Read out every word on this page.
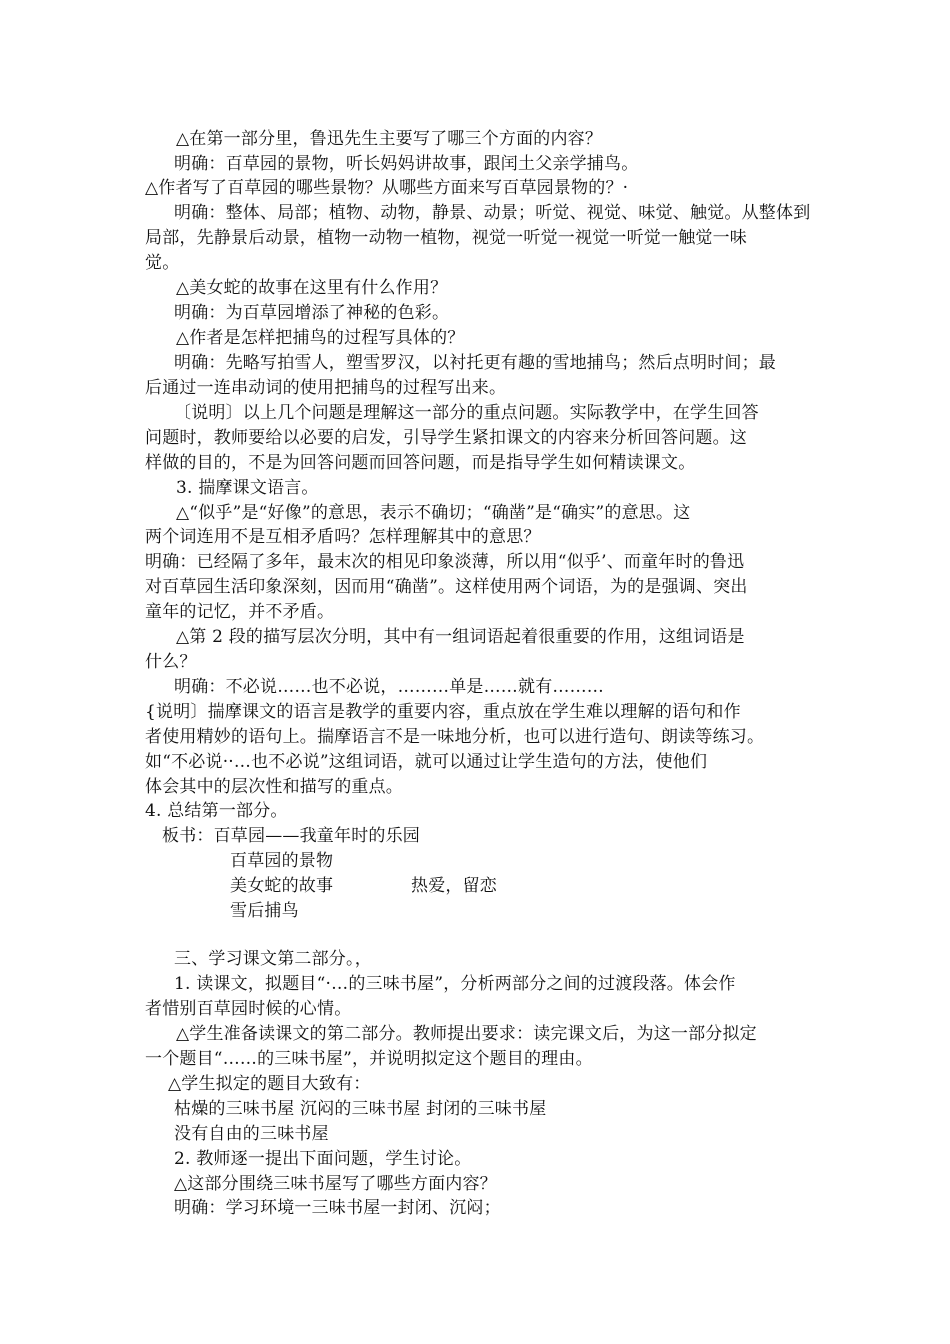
△在第一部分里，鲁迅先生主要写了哪三个方面的内容？

明确：百草园的景物，听长妈妈讲故事，跟闰土父亲学捕鸟。

△作者写了百草园的哪些景物？从哪些方面来写百草园景物的？·

明确：整体、局部；植物、动物，静景、动景；听觉、视觉、味觉、触觉。从整体到

局部，先静景后动景，植物一动物一植物，视觉一听觉一视觉一听觉一触觉一味

觉。

△美女蛇的故事在这里有什么作用？

明确：为百草园增添了神秘的色彩。

△作者是怎样把捕鸟的过程写具体的？

明确：先略写拍雪人，塑雪罗汉，以衬托更有趣的雪地捕鸟；然后点明时间；最

后通过一连串动词的使用把捕鸟的过程写出来。

〔说明〕以上几个问题是理解这一部分的重点问题。实际教学中，在学生回答

问题时，教师要给以必要的启发，引导学生紧扣课文的内容来分析回答问题。这

样做的目的，不是为回答问题而回答问题，而是指导学生如何精读课文。

3. 揣摩课文语言。

△“似乎”是“好像”的意思，表示不确切；“确凿”是“确实”的意思。这

两个词连用不是互相矛盾吗？怎样理解其中的意思？

明确：已经隔了多年，最末次的相见印象淡薄，所以用“似乎’、而童年时的鲁迅

对百草园生活印象深刻，因而用“确凿”。这样使用两个词语，为的是强调、突出

童年的记忆，并不矛盾。

△第 2 段的描写层次分明，其中有一组词语起着很重要的作用，这组词语是

什么？

明确：不必说……也不必说，………单是……就有………

{说明〕揣摩课文的语言是教学的重要内容，重点放在学生难以理解的语句和作

者使用精妙的语句上。揣摩语言不是一味地分析，也可以进行造句、朗读等练习。

如“不必说··…也不必说”这组词语，就可以通过让学生造句的方法，使他们

体会其中的层次性和描写的重点。

4. 总结第一部分。

板书：百草园——我童年时的乐园

百草园的景物

美女蛇的故事	热爱，留恋

雪后捕鸟

三、学习课文第二部分。，

1. 读课文，拟题目“·…的三味书屋”，分析两部分之间的过渡段落。体会作

者惜别百草园时候的心情。

△学生准备读课文的第二部分。教师提出要求：读完课文后，为这一部分拟定

一个题目“……的三味书屋”，并说明拟定这个题目的理由。

△学生拟定的题目大致有：

枯燥的三味书屋 沉闷的三味书屋 封闭的三味书屋

没有自由的三味书屋

2. 教师逐一提出下面问题，学生讨论。

△这部分围绕三味书屋写了哪些方面内容？

明确：学习环境一三味书屋一封闭、沉闷；
